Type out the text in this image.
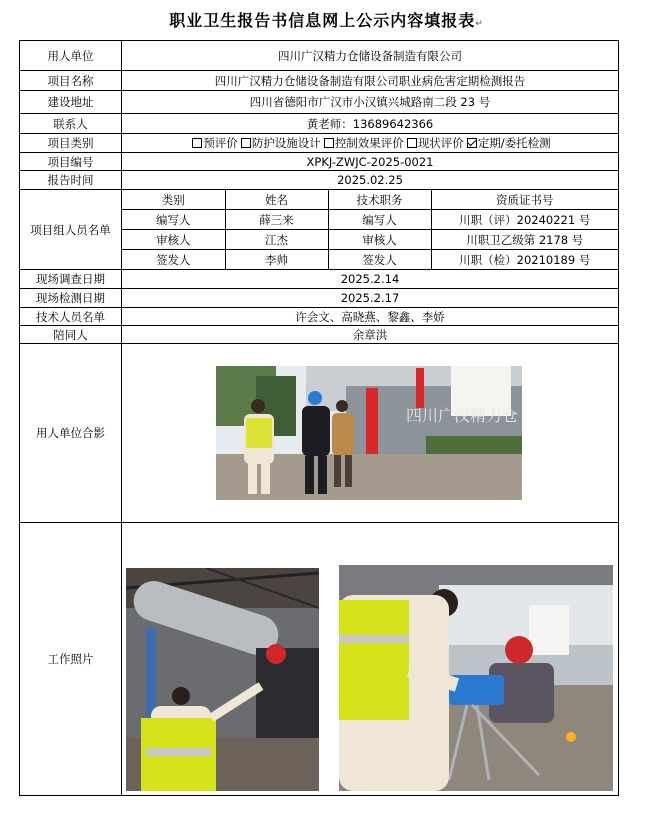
职业卫生报告书信息网上公示内容填报表↵
用人单位	四川广汉精力仓储设备制造有限公司
项目名称	四川广汉精力仓储设备制造有限公司职业病危害定期检测报告
建设地址	四川省德阳市广汉市小汉镇兴城路南二段 23 号
联系人	黄老师：13689642366
项目类别	预评价 防护设施设计 控制效果评价 现状评价 定期/委托检测
项目编号	XPKJ-ZWJC-2025-0021
报告时间	2025.02.25
项目组人员名单	
类别	姓名	技术职务	资质证书号
编写人	薛三来	编写人	川职（评）20240221 号
审核人	江杰	审核人	川职卫乙级第 2178 号
签发人	李帅	签发人	川职（检）20210189 号

现场调查日期	2025.2.14
现场检测日期	2025.2.17
技术人员名单	许会文、高晓燕、黎鑫、李娇
陪同人	余章洪
用人单位合影	
工作照片	
四川广汉精力仓
